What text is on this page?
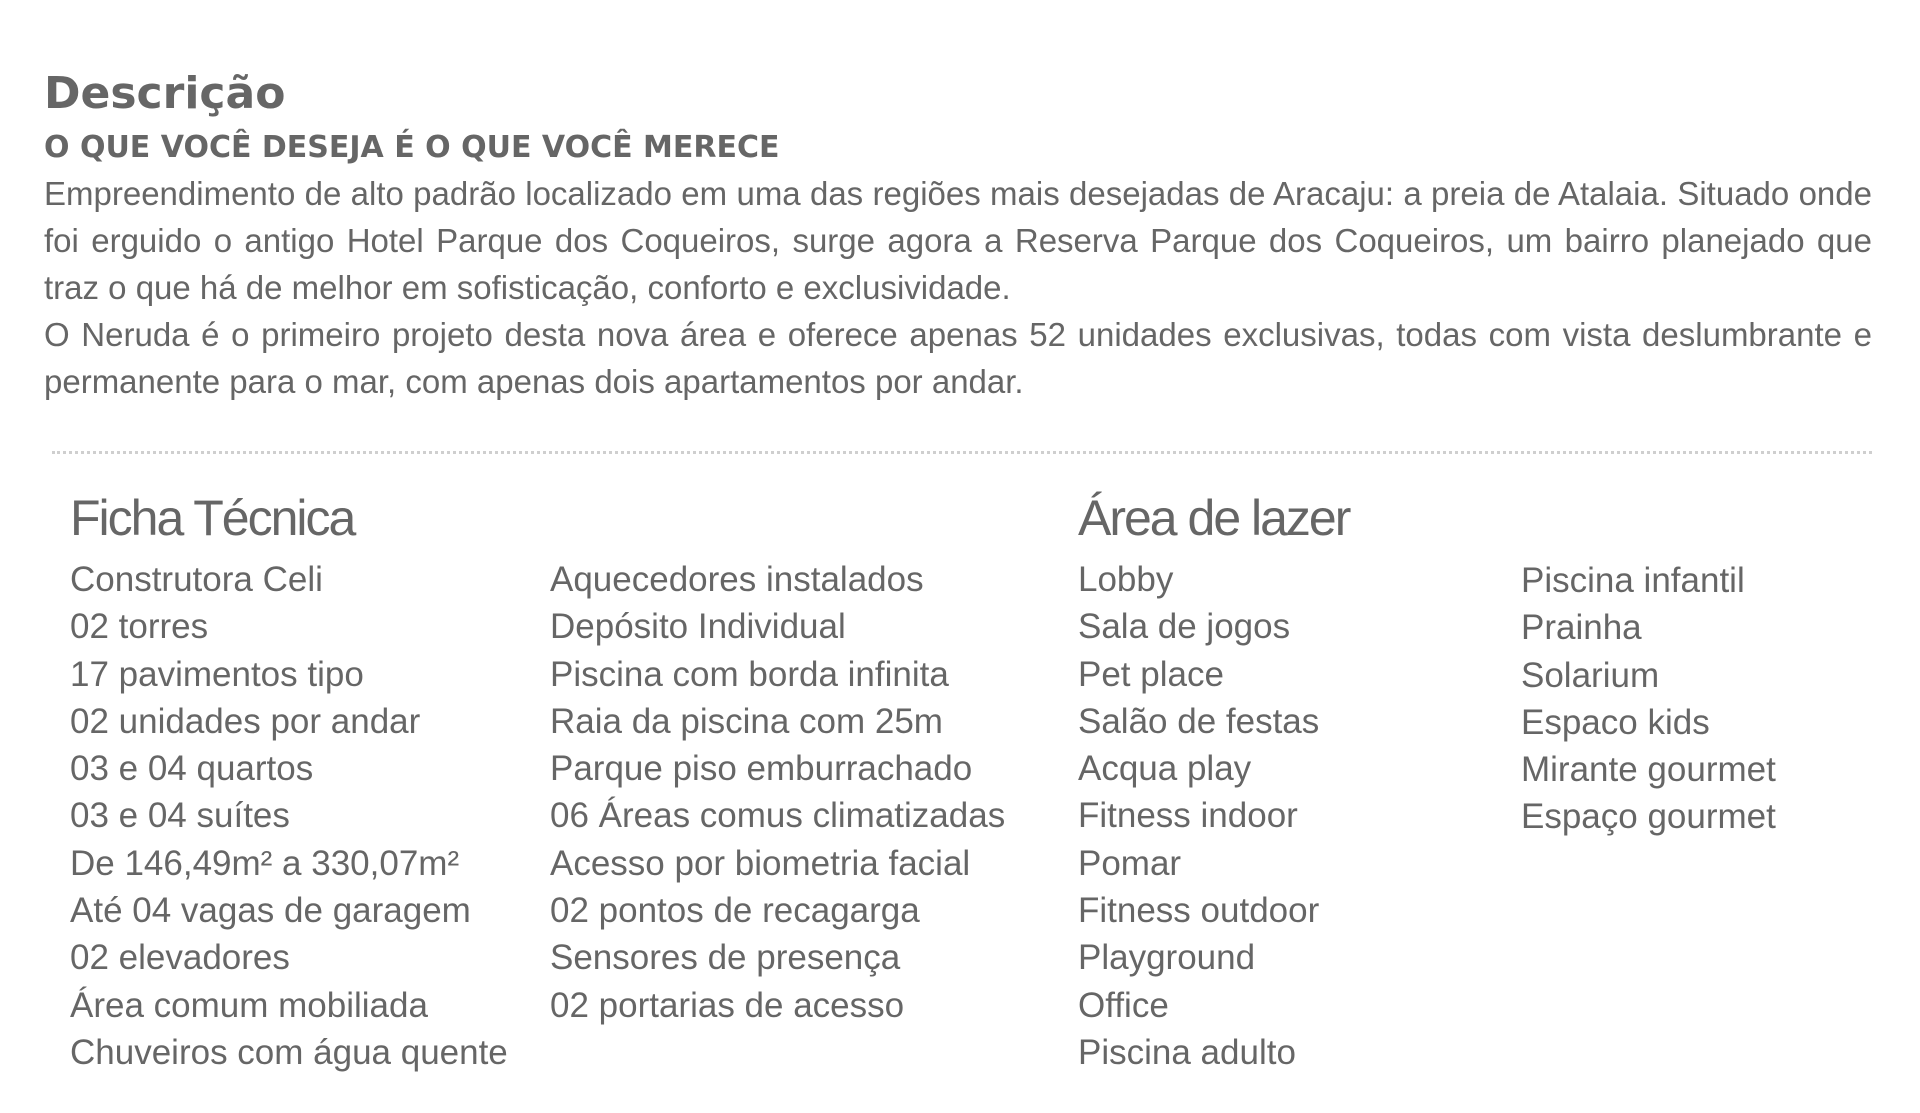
Descrição
O QUE VOCÊ DESEJA É O QUE VOCÊ MERECE

Empreendimento de alto padrão localizado em uma das regiões mais desejadas de Aracaju: a preia de Atalaia. Situado onde foi erguido o antigo Hotel Parque dos Coqueiros, surge agora a Reserva Parque dos Coqueiros, um bairro planejado que traz o que há de melhor em sofisticação, conforto e exclusividade.

O Neruda é o primeiro projeto desta nova área e oferece apenas 52 unidades exclusivas, todas com vista deslumbrante e permanente para o mar, com apenas dois apartamentos por andar.

Ficha Técnica	Área de lazer
Construtora Celi
02 torres
17 pavimentos tipo
02 unidades por andar
03 e 04 quartos
03 e 04 suítes
De 146,49m² a 330,07m²
Até 04 vagas de garagem
02 elevadores
Área comum mobiliada
Chuveiros com água quente
Aquecedores instalados
Depósito Individual
Piscina com borda infinita
Raia da piscina com 25m
Parque piso emburrachado
06 Áreas comus climatizadas
Acesso por biometria facial
02 pontos de recagarga
Sensores de presença
02 portarias de acesso
Lobby
Sala de jogos
Pet place
Salão de festas
Acqua play
Fitness indoor
Pomar
Fitness outdoor
Playground
Office
Piscina adulto
Piscina infantil
Prainha
Solarium
Espaco kids
Mirante gourmet
Espaço gourmet
